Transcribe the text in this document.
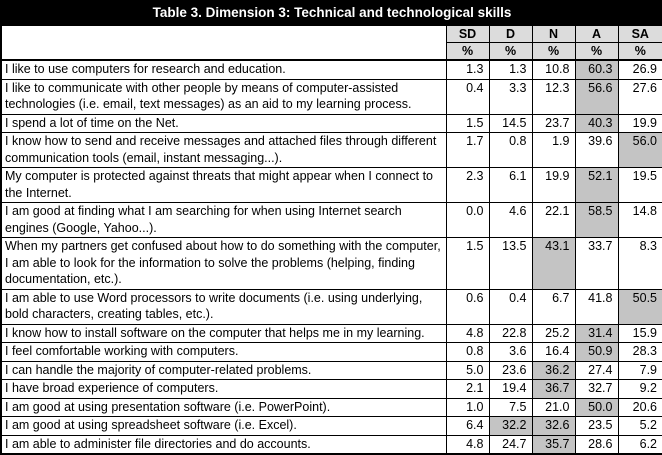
Table 3. Dimension 3: Technical and technological skills					
	SD	D	N	A	SA
	%	%	%	%	%
I like to use computers for research and education.	1.3	1.3	10.8	60.3	26.9
I like to communicate with other people by means of computer-assisted technologies (i.e. email, text messages) as an aid to my learning process.	0.4	3.3	12.3	56.6	27.6
I spend a lot of time on the Net.	1.5	14.5	23.7	40.3	19.9
I know how to send and receive messages and attached files through different communication tools (email, instant messaging...).	1.7	0.8	1.9	39.6	56.0
My computer is protected against threats that might appear when I connect to the Internet.	2.3	6.1	19.9	52.1	19.5
I am good at finding what I am searching for when using Internet search engines (Google, Yahoo...).	0.0	4.6	22.1	58.5	14.8
When my partners get confused about how to do something with the computer, I am able to look for the information to solve the problems (helping, finding documentation, etc.).	1.5	13.5	43.1	33.7	8.3
I am able to use Word processors to write documents (i.e. using underlying, bold characters, creating tables, etc.).	0.6	0.4	6.7	41.8	50.5
I know how to install software on the computer that helps me in my learning.	4.8	22.8	25.2	31.4	15.9
I feel comfortable working with computers.	0.8	3.6	16.4	50.9	28.3
I can handle the majority of computer-related problems.	5.0	23.6	36.2	27.4	7.9
I have broad experience of computers.	2.1	19.4	36.7	32.7	9.2
I am good at using presentation software (i.e. PowerPoint).	1.0	7.5	21.0	50.0	20.6
I am good at using spreadsheet software (i.e. Excel).	6.4	32.2	32.6	23.5	5.2
I am able to administer file directories and do accounts.	4.8	24.7	35.7	28.6	6.2
